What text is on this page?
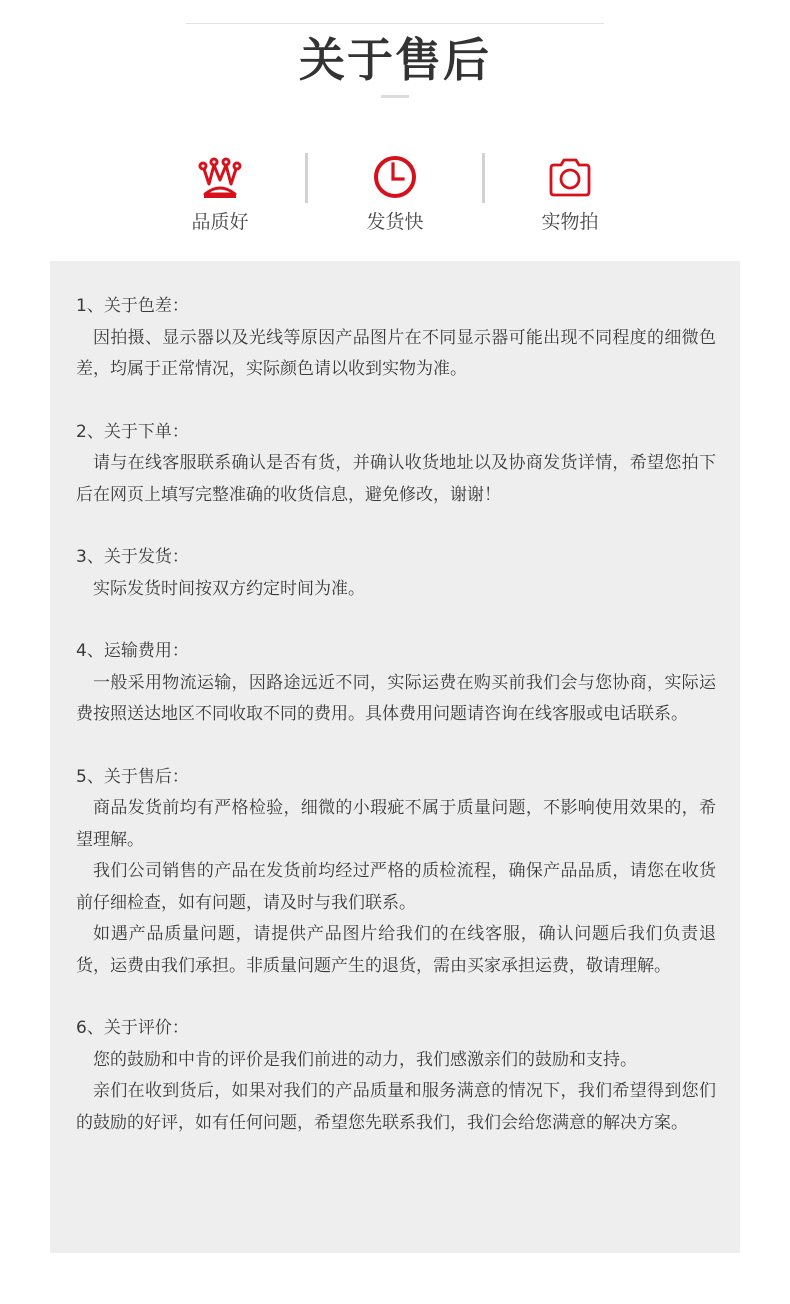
关于售后
品质好	发货快	实物拍
1、关于色差：
因拍摄、显示器以及光线等原因产品图片在不同显示器可能出现不同程度的细微色差，均属于正常情况，实际颜色请以收到实物为准。
2、关于下单：
请与在线客服联系确认是否有货，并确认收货地址以及协商发货详情，希望您拍下后在网页上填写完整准确的收货信息，避免修改，谢谢！
3、关于发货：
实际发货时间按双方约定时间为准。
4、运输费用：
一般采用物流运输，因路途远近不同，实际运费在购买前我们会与您协商，实际运费按照送达地区不同收取不同的费用。具体费用问题请咨询在线客服或电话联系。
5、关于售后：
商品发货前均有严格检验，细微的小瑕疵不属于质量问题，不影响使用效果的，希望理解。
我们公司销售的产品在发货前均经过严格的质检流程，确保产品品质，请您在收货前仔细检查，如有问题，请及时与我们联系。
如遇产品质量问题，请提供产品图片给我们的在线客服，确认问题后我们负责退货，运费由我们承担。非质量问题产生的退货，需由买家承担运费，敬请理解。
6、关于评价：
您的鼓励和中肯的评价是我们前进的动力，我们感激亲们的鼓励和支持。
亲们在收到货后，如果对我们的产品质量和服务满意的情况下，我们希望得到您们的鼓励的好评，如有任何问题，希望您先联系我们，我们会给您满意的解决方案。
